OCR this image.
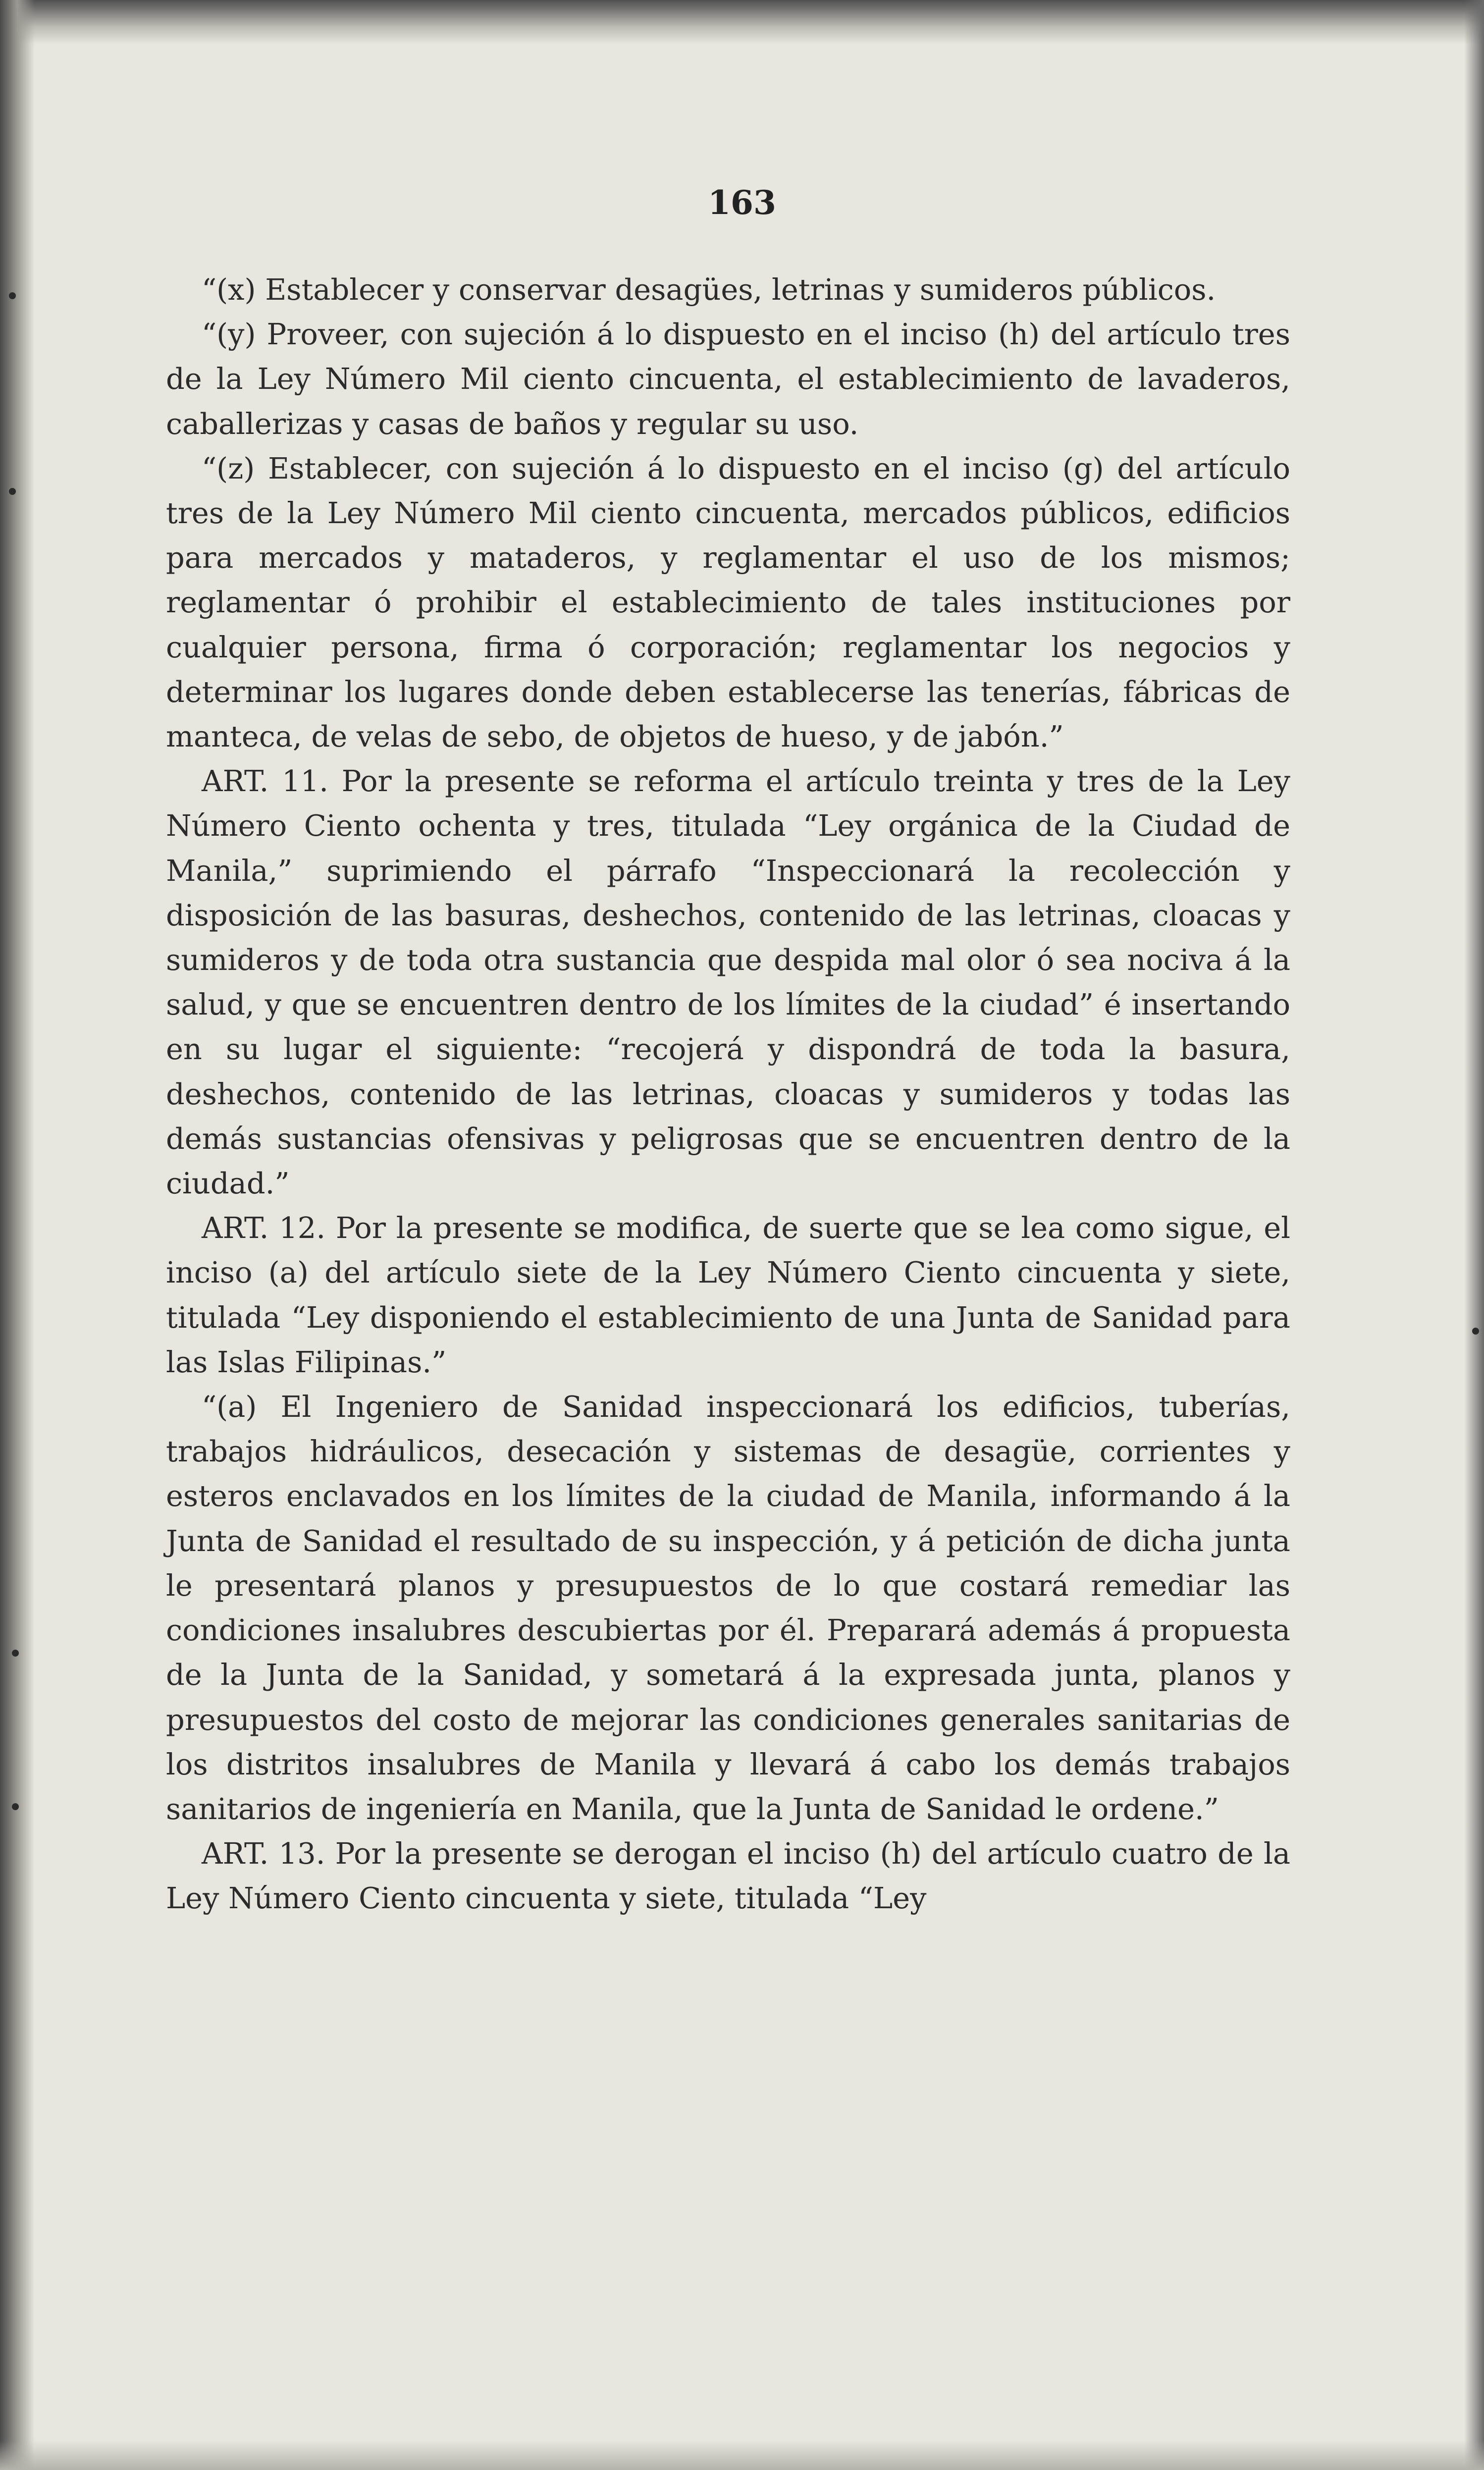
163

“(x) Establecer y conservar desagües, letrinas y sumideros públicos.

“(y) Proveer, con sujeción á lo dispuesto en el inciso (h) del artículo tres de la Ley Número Mil ciento cincuenta, el establecimiento de lavaderos, caballerizas y casas de baños y regular su uso.

“(z) Establecer, con sujeción á lo dispuesto en el inciso (g) del artículo tres de la Ley Número Mil ciento cincuenta, mercados públicos, edificios para mercados y mataderos, y reglamentar el uso de los mismos; reglamentar ó prohibir el establecimiento de tales instituciones por cualquier persona, firma ó corporación; reglamentar los negocios y determinar los lugares donde deben establecerse las tenerías, fábricas de manteca, de velas de sebo, de objetos de hueso, y de jabón.”

ART. 11. Por la presente se reforma el artículo treinta y tres de la Ley Número Ciento ochenta y tres, titulada “Ley orgánica de la Ciudad de Manila,” suprimiendo el párrafo “Inspeccionará la recolección y disposición de las basuras, deshechos, contenido de las letrinas, cloacas y sumideros y de toda otra sustancia que despida mal olor ó sea nociva á la salud, y que se encuentren dentro de los límites de la ciudad” é insertando en su lugar el siguiente: “recojerá y dispondrá de toda la basura, deshechos, contenido de las letrinas, cloacas y sumideros y todas las demás sustancias ofensivas y peligrosas que se encuentren dentro de la ciudad.”

ART. 12. Por la presente se modifica, de suerte que se lea como sigue, el inciso (a) del artículo siete de la Ley Número Ciento cincuenta y siete, titulada “Ley disponiendo el establecimiento de una Junta de Sanidad para las Islas Filipinas.”

“(a) El Ingeniero de Sanidad inspeccionará los edificios, tuberías, trabajos hidráulicos, desecación y sistemas de desagüe, corrientes y esteros enclavados en los límites de la ciudad de Manila, informando á la Junta de Sanidad el resultado de su inspección, y á petición de dicha junta le presentará planos y presupuestos de lo que costará remediar las condiciones insalubres descubiertas por él. Preparará además á propuesta de la Junta de la Sanidad, y sometará á la expresada junta, planos y presupuestos del costo de mejorar las condiciones generales sanitarias de los distritos insalubres de Manila y llevará á cabo los demás trabajos sanitarios de ingeniería en Manila, que la Junta de Sanidad le ordene.”

ART. 13. Por la presente se derogan el inciso (h) del artículo cuatro de la Ley Número Ciento cincuenta y siete, titulada “Ley
